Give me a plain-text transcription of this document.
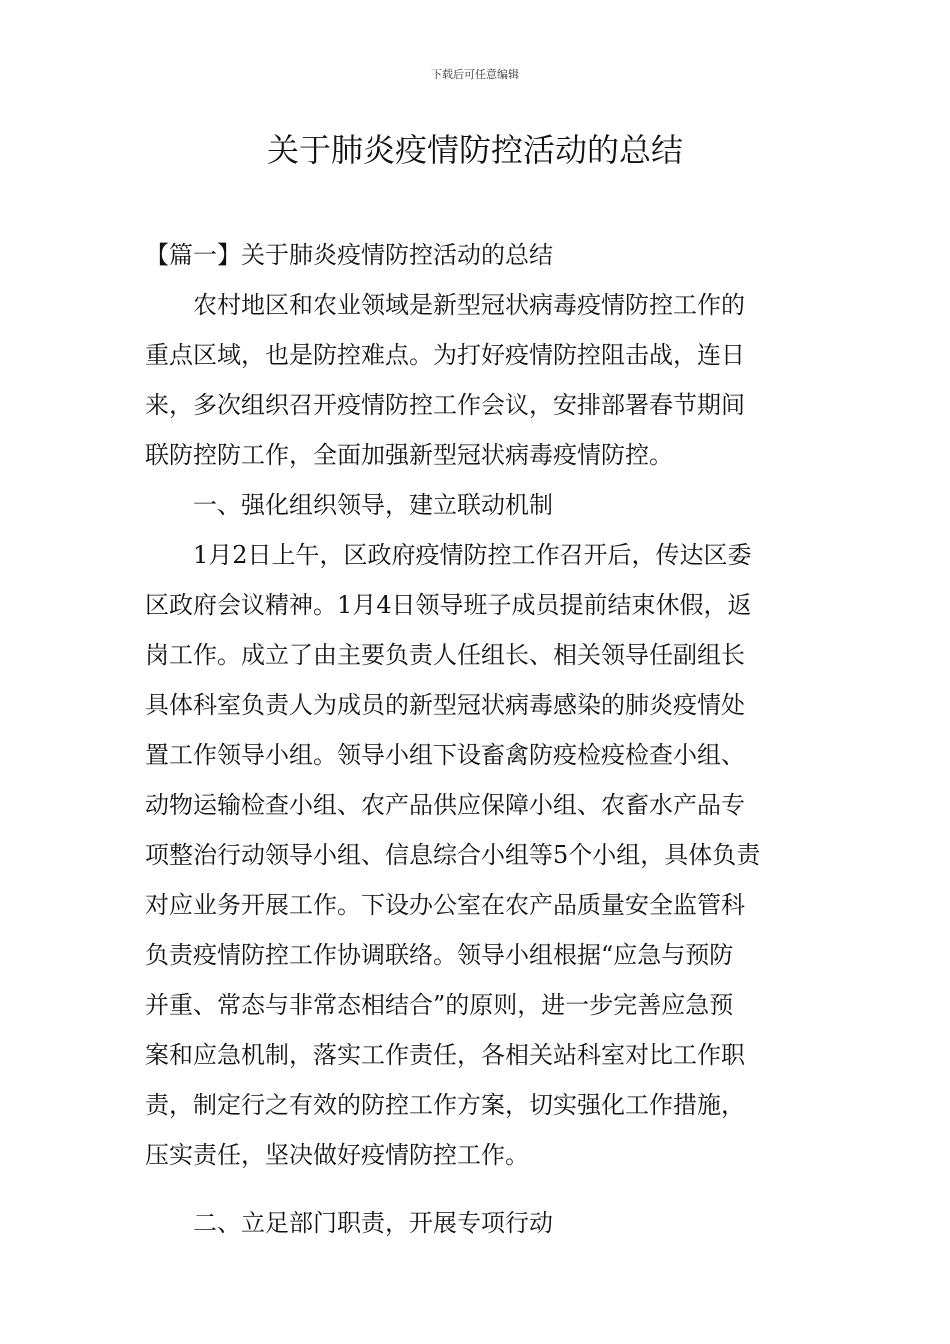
下载后可任意编辑
关于肺炎疫情防控活动的总结
【篇一】关于肺炎疫情防控活动的总结
农村地区和农业领域是新型冠状病毒疫情防控工作的
重点区域，也是防控难点。为打好疫情防控阻击战，连日
来，多次组织召开疫情防控工作会议，安排部署春节期间
联防控防工作，全面加强新型冠状病毒疫情防控。
一、强化组织领导，建立联动机制
1月2日上午，区政府疫情防控工作召开后，传达区委
区政府会议精神。1月4日领导班子成员提前结束休假，返
岗工作。成立了由主要负责人任组长、相关领导任副组长
具体科室负责人为成员的新型冠状病毒感染的肺炎疫情处
置工作领导小组。领导小组下设畜禽防疫检疫检查小组、
动物运输检查小组、农产品供应保障小组、农畜水产品专
项整治行动领导小组、信息综合小组等5个小组，具体负责
对应业务开展工作。下设办公室在农产品质量安全监管科
负责疫情防控工作协调联络。领导小组根据“应急与预防
并重、常态与非常态相结合”的原则，进一步完善应急预
案和应急机制，落实工作责任，各相关站科室对比工作职
责，制定行之有效的防控工作方案，切实强化工作措施，
压实责任，坚决做好疫情防控工作。
二、立足部门职责，开展专项行动
